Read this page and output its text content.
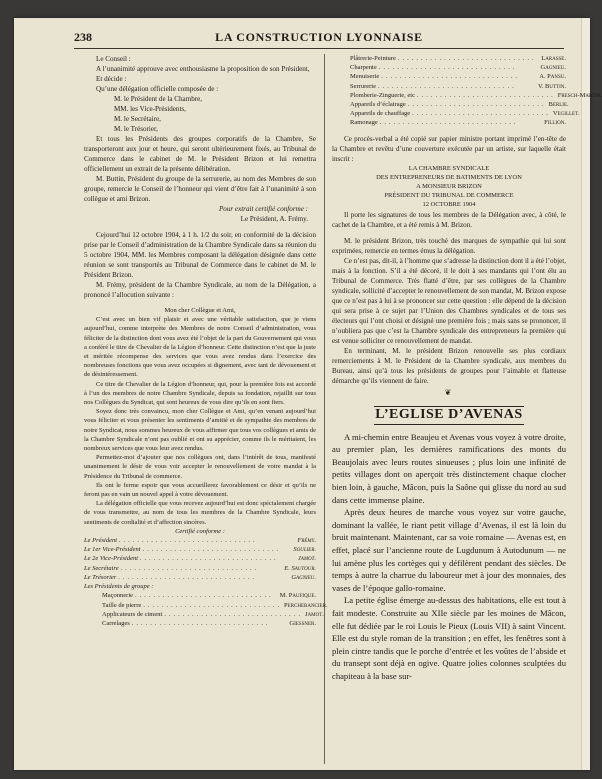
238	LA CONSTRUCTION LYONNAISE

Le Conseil :

A l’unanimité approuve avec enthousiasme la proposition de son Président,

Et décide :

Qu’une délégation officielle composée de :

M. le Président de la Chambre,

MM. les Vice-Présidents,

M. le Secrétaire,

M. le Trésorier,

Et tous les Présidents des groupes corporatifs de la Chambre, Se transporteront aux jour et heure, qui seront ultérieurement fixés, au Tribunal de Commerce dans le cabinet de M. le Président Brizon et lui remettra officiellement un extrait de la présente délibération.

M. Buttin, Président du groupe de la serrurerie, au nom des Membres de son groupe, remercie le Conseil de l’honneur qui vient d’être fait à l’unanimité à son collègue et ami Brizon.

Pour extrait certifié conforme :

Le Président, A. Frémy.

Cejourd’hui 12 octobre 1904, à 1 h. 1/2 du soir, en conformité de la décision prise par le Conseil d’administration de la Chambre Syndicale dans sa réunion du 5 octobre 1904, MM. les Membres composant la délégation désignée dans cette réunion se sont transportés au Tribunal de Commerce dans le cabinet de M. le Président Brizon.

M. Frémy, président de la Chambre Syndicale, au nom de la Délégation, a prononcé l’allocution suivante :

Mon cher Collègue et Ami,

C’est avec un bien vif plaisir et avec une véritable satisfaction, que je viens aujourd’hui, comme interprète des Membres de notre Conseil d’administration, vous féliciter de la distinction dont vous avez été l’objet de la part du Gouvernement qui vous a conféré le titre de Chevalier de la Légion d’honneur. Cette distinction n’est que la juste et méritée récompense des services que vous avez rendus dans l’exercice des nombreuses fonctions que vous avez occupées si dignement, avec tant de dévouement et de désintéressement.

Ce titre de Chevalier de la Légion d’honneur, qui, pour la première fois est accordé à l’un des membres de notre Chambre Syndicale, depuis sa fondation, rejaillit sur tous nos Collègues du Syndicat, qui sont heureux de vous dire qu’ils en sont fiers.

Soyez donc très convaincu, mon cher Collègue et Ami, qu’en venant aujourd’hui vous féliciter et vous présenter les sentiments d’amitié et de sympathie des membres de notre Syndicat, nous sommes heureux de vous affirmer que tous vos collègues et amis de la Chambre Syndicale n’ont pas oublié et ont su apprécier, comme ils le méritaient, les nombreux services que vous leur avez rendus.

Permettez-moi d’ajouter que nos collègues ont, dans l’intérêt de tous, manifesté unanimement le désir de vous voir accepter le renouvellement de votre mandat à la Présidence du Tribunal de commerce.

Ils ont le ferme espoir que vous accueillerez favorablement ce désir et qu’ils ne feront pas en vain un nouvel appel à votre dévouement.

La délégation officielle que vous recevez aujourd’hui est donc spécialement chargée de vous transmettre, au nom de tous les membres de la Chambre Syndicale, leurs sentiments de cordialité et d’affection sincères.

Certifié conforme :

Le Président ..............................	Frémy.
Le 1er Vice-Président ..............................	Soulier.
Le 2e Vice-Président ..............................	Jamot.
Le Secrétaire ..............................	E. Sautour.
Le Trésorier ..............................	Gagnieu.

Les Présidents de groupe :

Maçonnerie .............................. M. Paufique.
Taille de pierre .............................. Perchebancier.
Applicateurs de ciment .............................. Jamot.
Carrelages ..............................	Giessner.
Plâtrerie-Peinture .............................. Larasse.
Charpente ..............................	Gagnieu.
Menuiserie ..............................	A. Pansu.
Serrurerie ..............................	V. Buttin.
Plomberie-Zinguerie, etc .............................. Fresch-Martin.
Appareils d’éclairage .............................. Berlie.
Appareils de chauffage .............................. Vegillet.
Ramonage ..............................	Fillion.

Ce procès-verbal a été copié sur papier ministre portant imprimé l’en-tête de la Chambre et revêtu d’une couverture exécutée par un artiste, sur laquelle était inscrit :

LA CHAMBRE SYNDICALE

DES ENTREPRENEURS DE BATIMENTS DE LYON

A MONSIEUR BRIZON

PRÉSIDENT DU TRIBUNAL DE COMMERCE

12 OCTOBRE 1904

Il porte les signatures de tous les membres de la Délégation avec, à côté, le cachet de la Chambre, et a été remis à M. Brizon.

M. le président Brizon, très touché des marques de sympathie qui lui sont exprimées, remercie en termes émus la délégation.

Ce n’est pas, dit-il, à l’homme que s’adresse la distinction dont il a été l’objet, mais à la fonction. S’il a été décoré, il le doit à ses mandants qui l’ont élu au Tribunal de Commerce. Très flatté d’être, par ses collègues de la Chambre syndicale, sollicité d’accepter le renouvellement de son mandat, M. Brizon expose que ce n’est pas à lui à se prononcer sur cette question : elle dépend de la décision qui sera prise à ce sujet par l’Union des Chambres syndicales et de tous ses électeurs qui l’ont choisi et désigné une première fois ; mais sans se prononcer, il n’oubliera pas que c’est la Chambre syndicale des entrepreneurs la première qui est venue solliciter ce renouvellement de mandat.

En terminant, M. le président Brizon renouvelle ses plus cordiaux remerciements à M. le Président de la Chambre syndicale, aux membres du Bureau, ainsi qu’à tous les présidents de groupes pour l’aimable et flatteuse démarche qu’ils viennent de faire.

❦
L’EGLISE D’AVENAS

A mi-chemin entre Beaujeu et Avenas vous voyez à votre droite, au premier plan, les dernières ramifications des monts du Beaujolais avec leurs routes sinueuses ; plus loin une infinité de petits villages dont on aperçoit très distinctement chaque clocher bien loin, à gauche, Mâcon, puis la Saône qui glisse du nord au sud dans cette immense plaine.

Après deux heures de marche vous voyez sur votre gauche, dominant la vallée, le riant petit village d’Avenas, il est là loin du bruit maintenant. Maintenant, car sa voie romaine — Avenas est, en effet, placé sur l’ancienne route de Lugdunum à Autodunum — ne lui amène plus les cortèges qui y défilèrent pendant des siècles. De temps à autre la charrue du laboureur met à jour des monnaies, des vases de l’époque gallo-romaine.

La petite église émerge au-dessus des habitations, elle est tout à fait modeste. Construite au XIIe siècle par les moines de Mâcon, elle fut dédiée par le roi Louis le Pieux (Louis VII) à saint Vincent. Elle est du style roman de la transition ; en effet, les fenêtres sont à plein cintre tandis que le porche d’entrée et les voûtes de l’abside et du transept sont déjà en ogive. Quatre jolies colonnes sculptées du chapiteau à la base sur-
